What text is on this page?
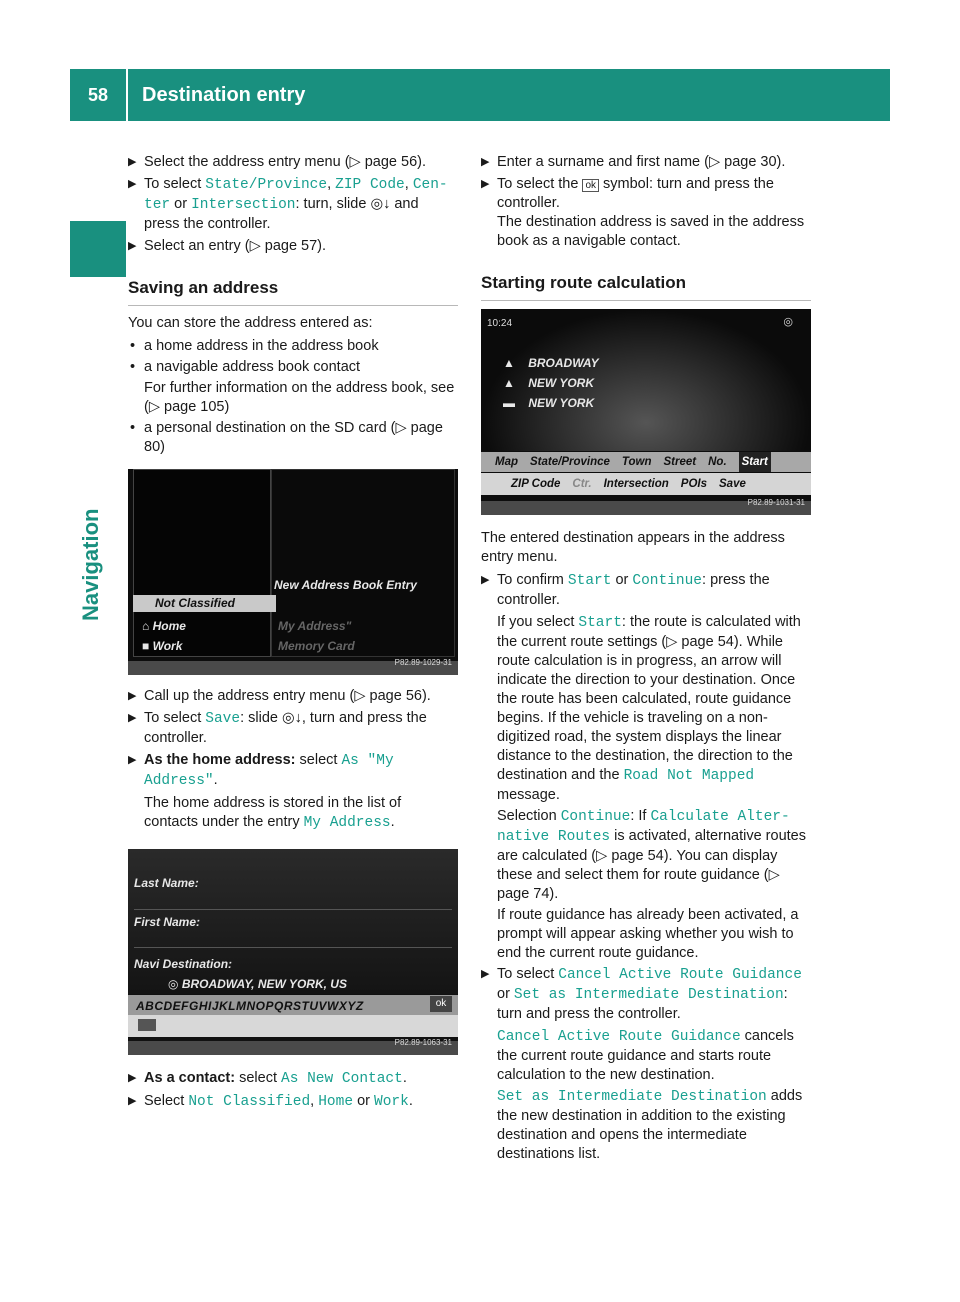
58	Destination entry
Navigation
▶ Select the address entry menu (▷ page 56).
▶ To select State/Province, ZIP Code, Cen-
ter or Intersection: turn, slide ◎↓ and press the controller.
▶ Select an entry (▷ page 57).
Saving an address
You can store the address entered as:
• a home address in the address book
• a navigable address book contact
For further information on the address book, see (▷ page 105)
• a personal destination on the SD card (▷ page 80)
New Address Book Entry
Not Classified
⌂ Home
■ Work
My Address"
Memory Card
P82.89-1029-31
▶ Call up the address entry menu (▷ page 56).
▶ To select Save: slide ◎↓, turn and press the controller.
▶ As the home address: select As "My Address".
The home address is stored in the list of contacts under the entry My Address.
Last Name:
First Name:
Navi Destination:
◎ BROADWAY, NEW YORK, US
ABCDEFGHIJKLMNOPQRSTUVWXYZ	ok
P82.89-1063-31
▶ As a contact: select As New Contact.
▶ Select Not Classified, Home or Work.
▶ Enter a surname and first name (▷ page 30).
▶ To select the ok symbol: turn and press the controller.
The destination address is saved in the address book as a navigable contact.
Starting route calculation
10:24	◎
▲    BROADWAY
▲    NEW YORK
▬    NEW YORK
Map State/Province Town Street No. Start
ZIP Code Ctr. Intersection POIs Save
P82.89-1031-31
The entered destination appears in the address entry menu.
▶ To confirm Start or Continue: press the controller.
If you select Start: the route is calculated with the current route settings (▷ page 54). While route calculation is in progress, an arrow will indicate the direction to your destination. Once the route has been calculated, route guidance begins. If the vehicle is traveling on a non-digitized road, the system displays the linear distance to the destination, the direction to the destination and the Road Not Mapped message.
Selection Continue: If Calculate Alter-native Routes is activated, alternative routes are calculated (▷ page 54). You can display these and select them for route guidance (▷ page 74).
If route guidance has already been activated, a prompt will appear asking whether you wish to end the current route guidance.
▶ To select Cancel Active Route Guidance or Set as Intermediate Destination: turn and press the controller.
Cancel Active Route Guidance cancels the current route guidance and starts route calculation to the new destination.
Set as Intermediate Destination adds the new destination in addition to the existing destination and opens the intermediate destinations list.
